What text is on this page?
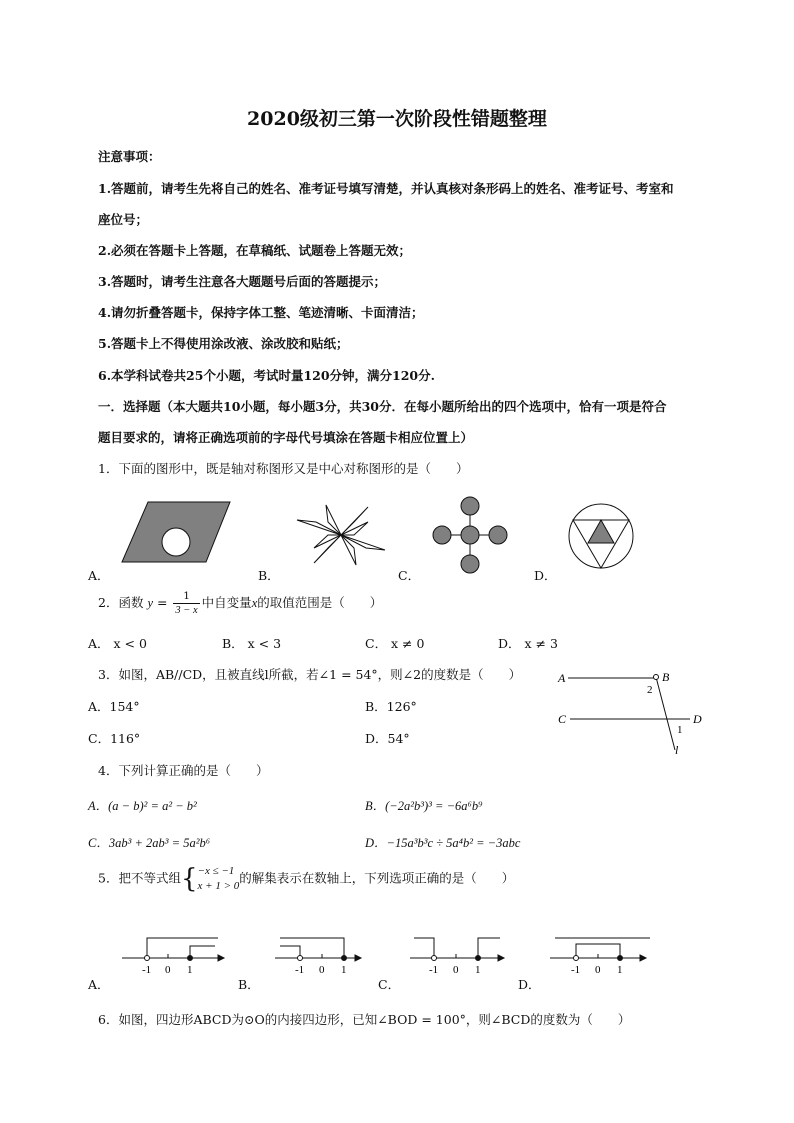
2020级初三第一次阶段性错题整理
注意事项：
1.答题前，请考生先将自己的姓名、准考证号填写清楚，并认真核对条形码上的姓名、准考证号、考室和
座位号；
2.必须在答题卡上答题，在草稿纸、试题卷上答题无效；
3.答题时，请考生注意各大题题号后面的答题提示；
4.请勿折叠答题卡，保持字体工整、笔迹清晰、卡面清洁；
5.答题卡上不得使用涂改液、涂改胶和贴纸；
6.本学科试卷共25个小题，考试时量120分钟，满分120分.
一．选择题（本大题共10小题，每小题3分，共30分．在每小题所给出的四个选项中，恰有一项是符合
题目要求的，请将正确选项前的字母代号填涂在答题卡相应位置上）
1．下面的图形中，既是轴对称图形又是中心对称图形的是（　　）
A．	B．	C．	D．
2．函数 $y = \frac{1}{3 - x}$ 中自变量x的取值范围是（　　）
A． x < 0	B． x < 3	C． x ≠ 0	D． x ≠ 3
3．如图，AB//CD，且被直线l所截，若∠1 = 54°，则∠2的度数是（　　）
A．154°	B．126°
C．116°	D．54°
A	B
C	D
2
1
l
4．下列计算正确的是（　　）
A．(a − b)² = a² − b²	B．(−2a²b³)³ = −6a⁶b⁹
C．3ab³ + 2ab³ = 5a²b⁶	D．−15a³b³c ÷ 5a⁴b² = −3abc
5．把不等式组{ −x ≤ −1
x + 1 > 0
的解集表示在数轴上，下列选项正确的是（　　）
-1 0 1	-1 0 1	-1 0 1	-1 0 1
A．	B．	C．	D．
6．如图，四边形ABCD为⊙O的内接四边形，已知∠BOD = 100°，则∠BCD的度数为（　　）
